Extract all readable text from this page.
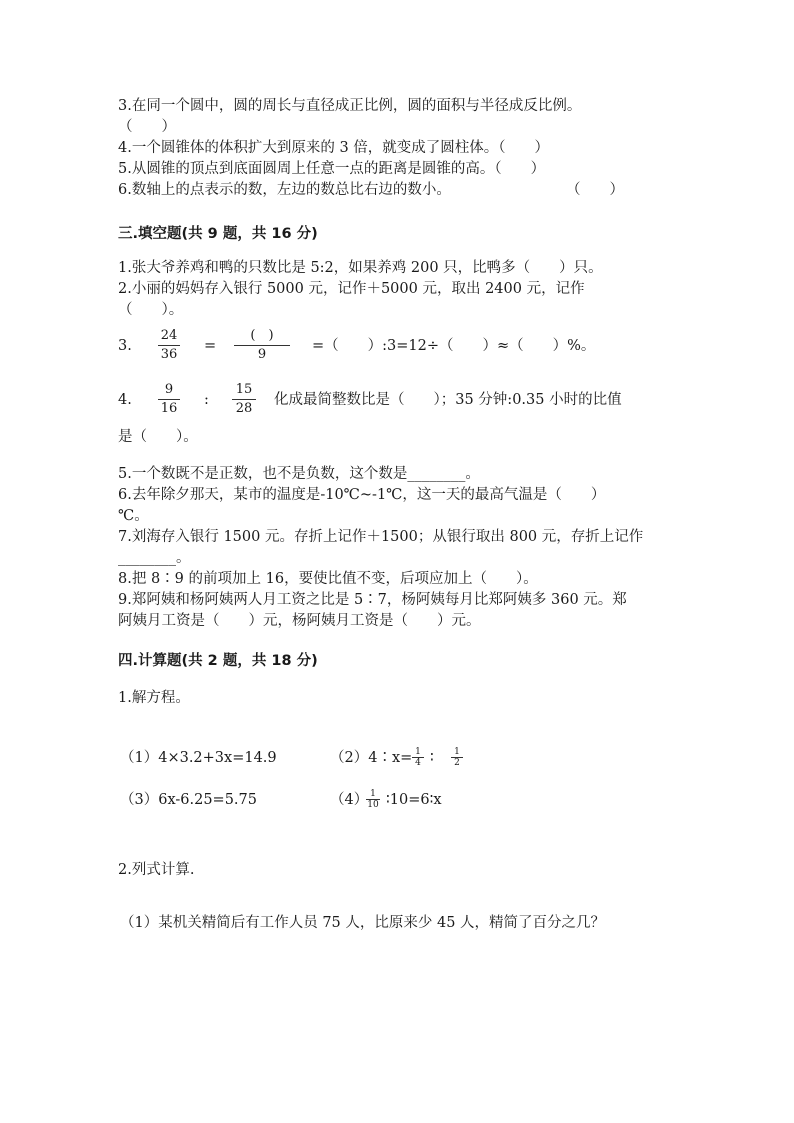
3.在同一个圆中，圆的周长与直径成正比例，圆的面积与半径成反比例。
（　　）
4.一个圆锥体的体积扩大到原来的 3 倍，就变成了圆柱体。（　　）
5.从圆锥的顶点到底面圆周上任意一点的距离是圆锥的高。（　　）
6.数轴上的点表示的数，左边的数总比右边的数小。	（　　）
三.填空题(共 9 题，共 16 分)
1.张大爷养鸡和鸭的只数比是 5:2，如果养鸡 200 只，比鸭多（　　）只。
2.小丽的妈妈存入银行 5000 元，记作＋5000 元，取出 2400 元，记作
（　　）。
3.
24
36
=
(　)
9
=（　　）:3=12÷（　　）≈（　　）%。
4.
9
16
:
15
28
化成最简整数比是（　　）；35 分钟:0.35 小时的比值
是（　　）。
5.一个数既不是正数，也不是负数，这个数是________。
6.去年除夕那天，某市的温度是-10℃~-1℃，这一天的最高气温是（　　）
℃。
7.刘海存入银行 1500 元。存折上记作＋1500；从银行取出 800 元，存折上记作
________。
8.把 8∶9 的前项加上 16，要使比值不变，后项应加上（　　）。
9.郑阿姨和杨阿姨两人月工资之比是 5∶7，杨阿姨每月比郑阿姨多 360 元。郑
阿姨月工资是（　　）元，杨阿姨月工资是（　　）元。
四.计算题(共 2 题，共 18 分)
1.解方程。
（1）4×3.2+3x=14.9	（2）4∶x= 1
4 ∶	1
2
（3）6x-6.25=5.75	（4） 1
10 ∶10=6∶x
2.列式计算.
（1）某机关精简后有工作人员 75 人，比原来少 45 人，精简了百分之几？
